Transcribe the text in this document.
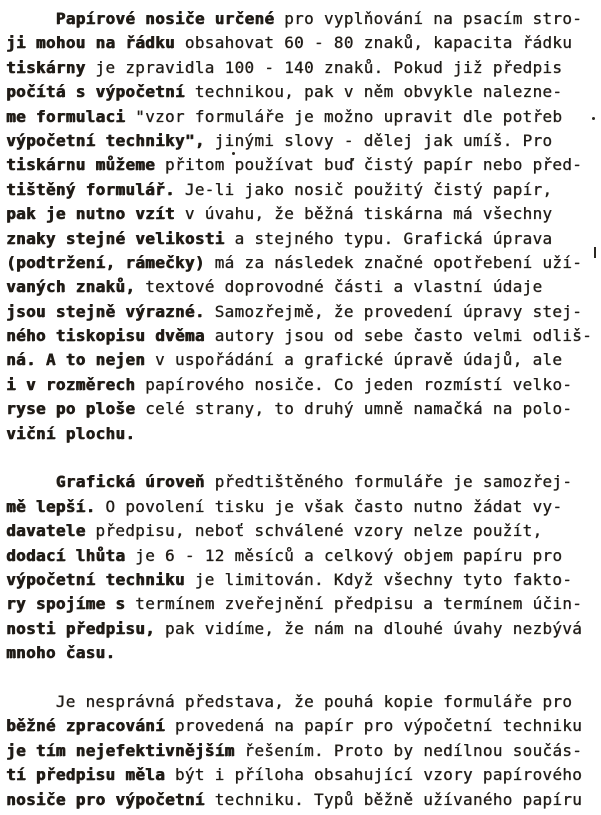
Papírové nosiče určené pro vyplňování na psacím stro-
ji mohou na řádku obsahovat 60 - 80 znaků, kapacita řádku
tiskárny je zpravidla 100 - 140 znaků. Pokud již předpis
počítá s výpočetní technikou, pak v něm obvykle nalezne-
me formulaci "vzor formuláře je možno upravit dle potřeb
výpočetní techniky", jinými slovy - dělej jak umíš. Pro
tiskárnu můžeme přitom používat buď čistý papír nebo před-
tištěný formulář. Je-li jako nosič použitý čistý papír,
pak je nutno vzít v úvahu, že běžná tiskárna má všechny
znaky stejné velikosti a stejného typu. Grafická úprava
(podtržení, rámečky) má za následek značné opotřebení uží-
vaných znaků, textové doprovodné části a vlastní údaje
jsou stejně výrazné. Samozřejmě, že provedení úpravy stej-
ného tiskopisu dvěma autory jsou od sebe často velmi odliš-
ná. A to nejen v uspořádání a grafické úpravě údajů, ale
i v rozměrech papírového nosiče. Co jeden rozmístí velko-
ryse po ploše celé strany, to druhý umně namačká na polo-
viční plochu.
Grafická úroveň předtištěného formuláře je samozřej-
mě lepší. O povolení tisku je však často nutno žádat vy-
davatele předpisu, neboť schválené vzory nelze použít,
dodací lhůta je 6 - 12 měsíců a celkový objem papíru pro
výpočetní techniku je limitován. Když všechny tyto fakto-
ry spojíme s termínem zveřejnění předpisu a termínem účin-
nosti předpisu, pak vidíme, že nám na dlouhé úvahy nezbývá
mnoho času.
Je nesprávná představa, že pouhá kopie formuláře pro
běžné zpracování provedená na papír pro výpočetní techniku
je tím nejefektivnějším řešením. Proto by nedílnou součás-
tí předpisu měla být i příloha obsahující vzory papírového
nosiče pro výpočetní techniku. Typů běžně užívaného papíru
